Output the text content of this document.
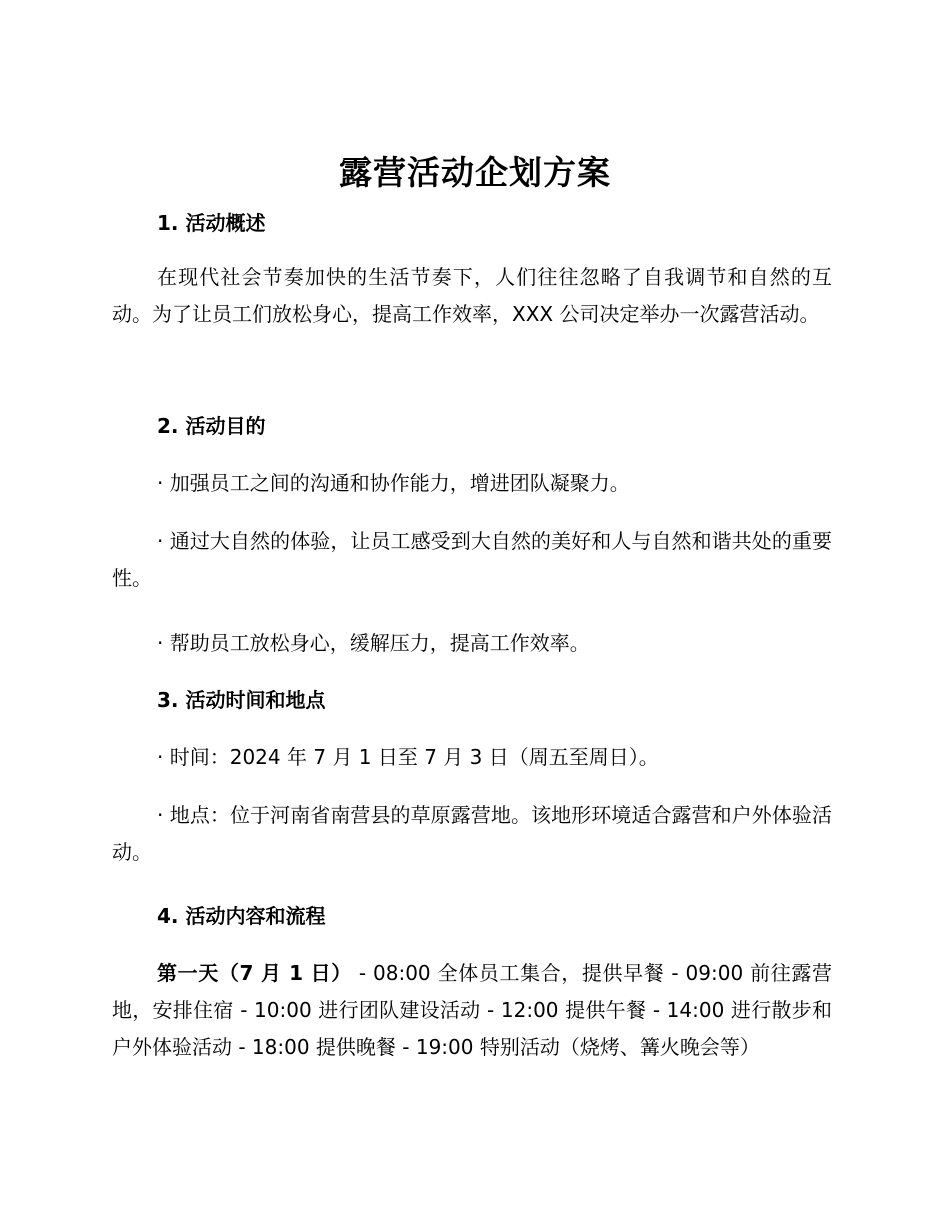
露营活动企划方案
1. 活动概述
在现代社会节奏加快的生活节奏下，人们往往忽略了自我调节和自然的互动。为了让员工们放松身心，提高工作效率，XXX 公司决定举办一次露营活动。
2. 活动目的
· 加强员工之间的沟通和协作能力，增进团队凝聚力。
· 通过大自然的体验，让员工感受到大自然的美好和人与自然和谐共处的重要性。
· 帮助员工放松身心，缓解压力，提高工作效率。
3. 活动时间和地点
· 时间：2024 年 7 月 1 日至 7 月 3 日（周五至周日）。
· 地点：位于河南省南营县的草原露营地。该地形环境适合露营和户外体验活动。
4. 活动内容和流程
第一天（7 月 1 日） - 08:00 全体员工集合，提供早餐 - 09:00 前往露营地，安排住宿 - 10:00 进行团队建设活动 - 12:00 提供午餐 - 14:00 进行散步和户外体验活动 - 18:00 提供晚餐 - 19:00 特别活动（烧烤、篝火晚会等）
